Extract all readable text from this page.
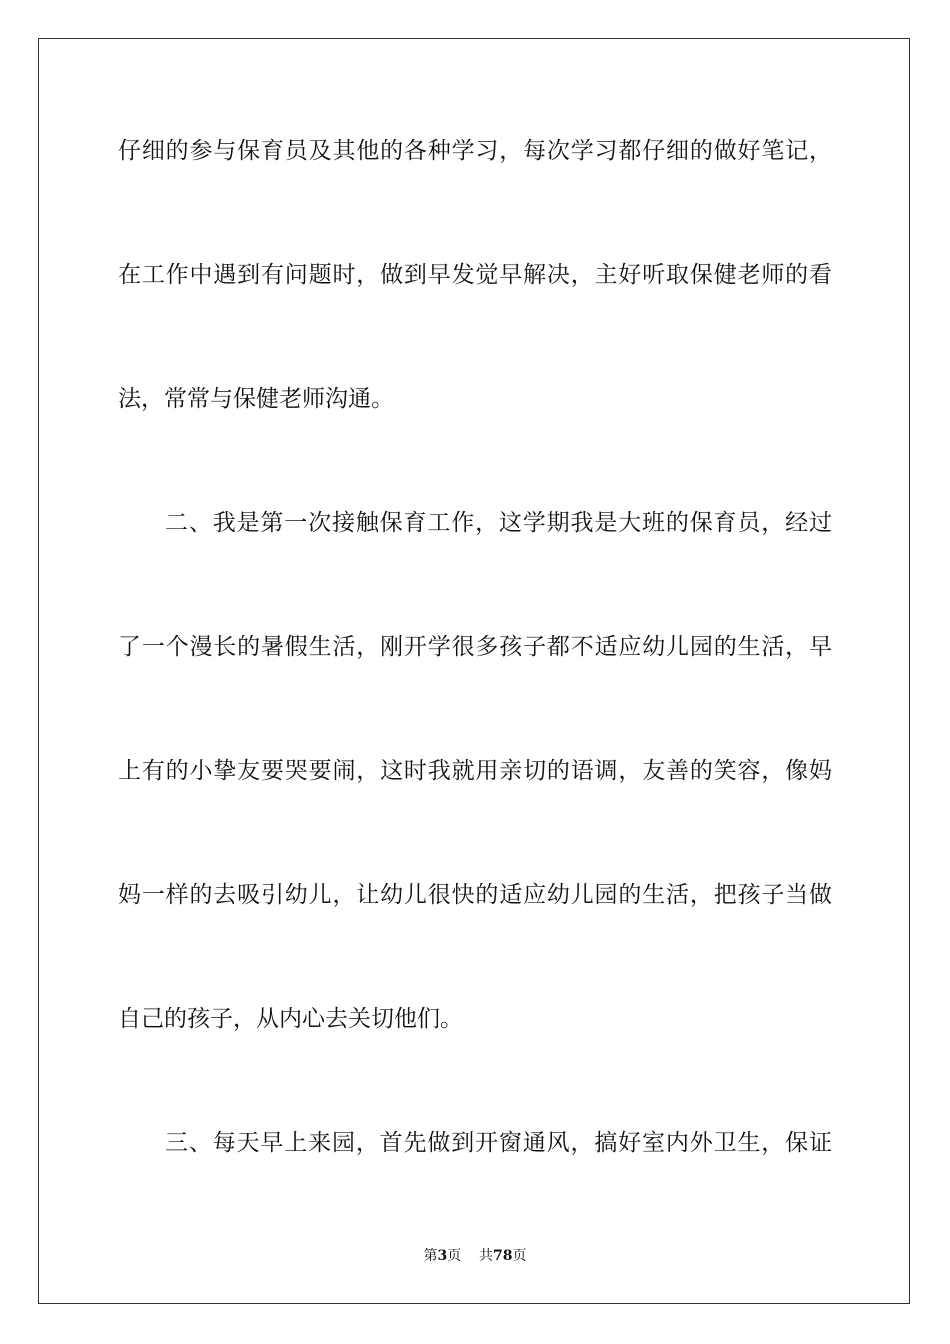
仔细的参与保育员及其他的各种学习，每次学习都仔细的做好笔记，
在工作中遇到有问题时，做到早发觉早解决，主好听取保健老师的看
法，常常与保健老师沟通。
二、我是第一次接触保育工作，这学期我是大班的保育员，经过
了一个漫长的暑假生活，刚开学很多孩子都不适应幼儿园的生活，早
上有的小挚友要哭要闹，这时我就用亲切的语调，友善的笑容，像妈
妈一样的去吸引幼儿，让幼儿很快的适应幼儿园的生活，把孩子当做
自己的孩子，从内心去关切他们。
三、每天早上来园，首先做到开窗通风，搞好室内外卫生，保证
第3页 共78页
